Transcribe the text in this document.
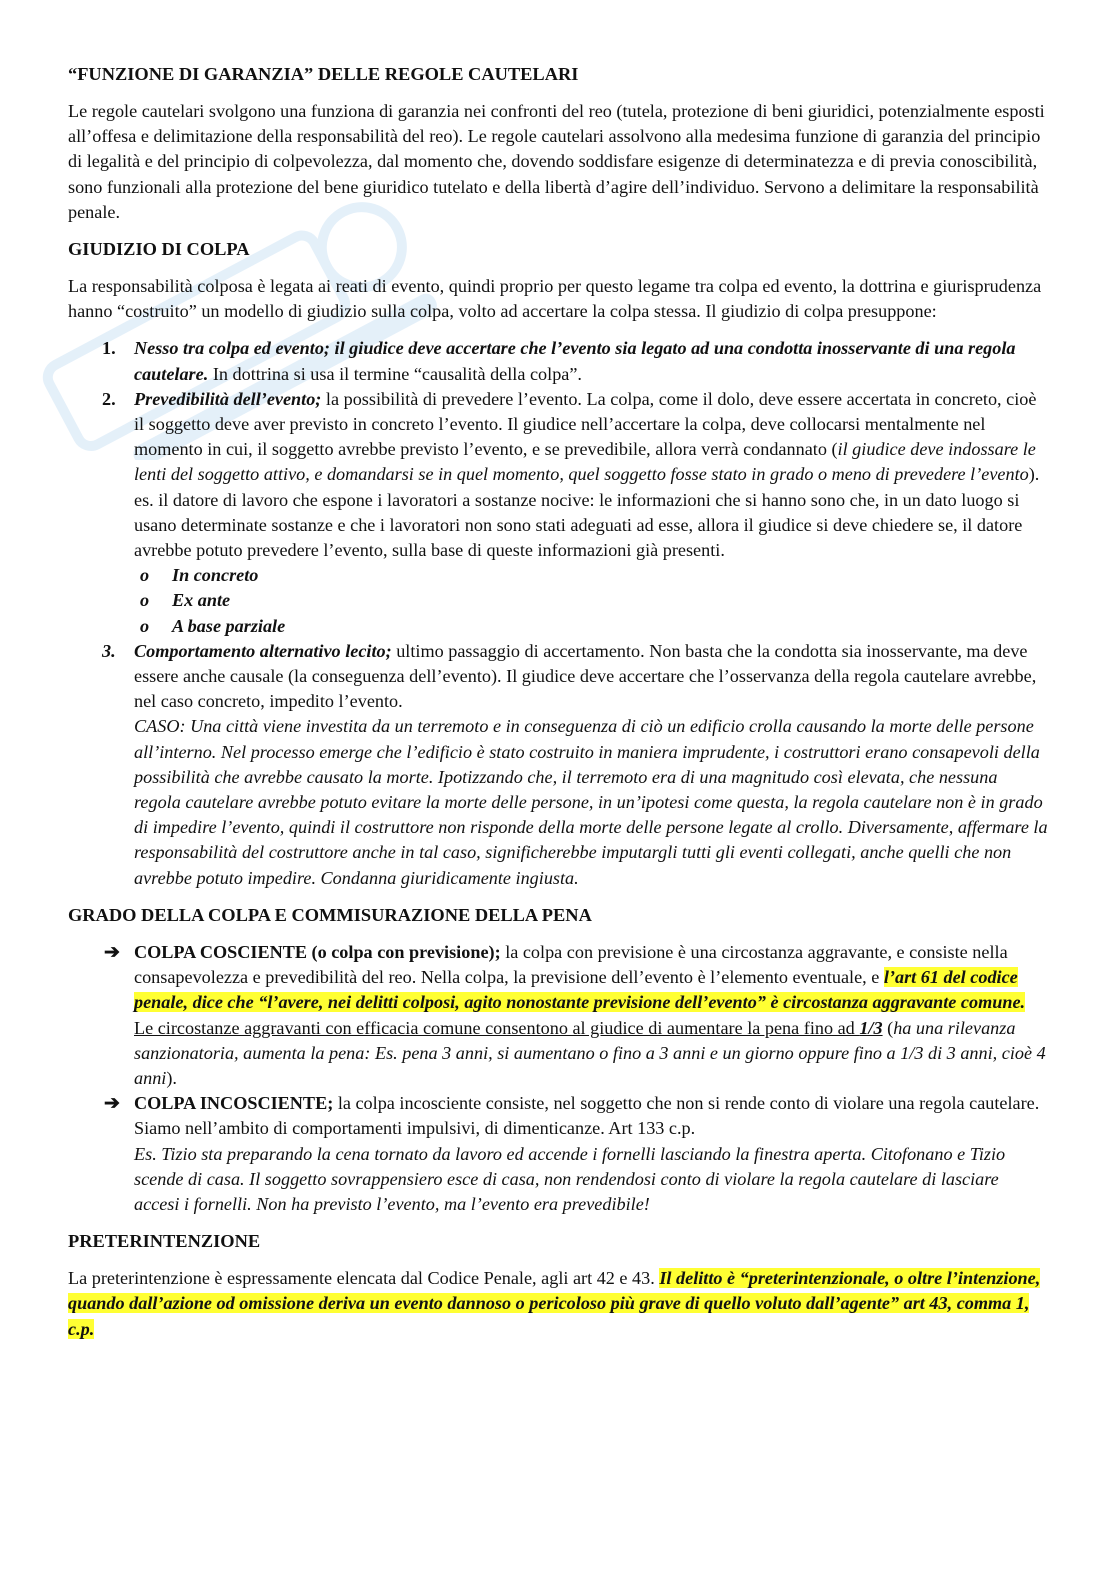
“FUNZIONE DI GARANZIA” DELLE REGOLE CAUTELARI

Le regole cautelari svolgono una funziona di garanzia nei confronti del reo (tutela, protezione di beni giuridici, potenzialmente esposti all’offesa e delimitazione della responsabilità del reo). Le regole cautelari assolvono alla medesima funzione di garanzia del principio di legalità e del principio di colpevolezza, dal momento che, dovendo soddisfare esigenze di determinatezza e di previa conoscibilità, sono funzionali alla protezione del bene giuridico tutelato e della libertà d’agire dell’individuo. Servono a delimitare la responsabilità penale.

GIUDIZIO DI COLPA

La responsabilità colposa è legata ai reati di evento, quindi proprio per questo legame tra colpa ed evento, la dottrina e giurisprudenza hanno “costruito” un modello di giudizio sulla colpa, volto ad accertare la colpa stessa. Il giudizio di colpa presuppone:

1. Nesso tra colpa ed evento; il giudice deve accertare che l’evento sia legato ad una condotta inosservante di una regola cautelare. In dottrina si usa il termine “causalità della colpa”.
2. Prevedibilità dell’evento; la possibilità di prevedere l’evento. La colpa, come il dolo, deve essere accertata in concreto, cioè il soggetto deve aver previsto in concreto l’evento. Il giudice nell’accertare la colpa, deve collocarsi mentalmente nel momento in cui, il soggetto avrebbe previsto l’evento, e se prevedibile, allora verrà condannato (il giudice deve indossare le lenti del soggetto attivo, e domandarsi se in quel momento, quel soggetto fosse stato in grado o meno di prevedere l’evento). es. il datore di lavoro che espone i lavoratori a sostanze nocive: le informazioni che si hanno sono che, in un dato luogo si usano determinate sostanze e che i lavoratori non sono stati adeguati ad esse, allora il giudice si deve chiedere se, il datore avrebbe potuto prevedere l’evento, sulla base di queste informazioni già presenti.
o In concreto
o Ex ante
o A base parziale
3. Comportamento alternativo lecito; ultimo passaggio di accertamento. Non basta che la condotta sia inosservante, ma deve essere anche causale (la conseguenza dell’evento). Il giudice deve accertare che l’osservanza della regola cautelare avrebbe, nel caso concreto, impedito l’evento.
CASO: Una città viene investita da un terremoto e in conseguenza di ciò un edificio crolla causando la morte delle persone all’interno. Nel processo emerge che l’edificio è stato costruito in maniera imprudente, i costruttori erano consapevoli della possibilità che avrebbe causato la morte. Ipotizzando che, il terremoto era di una magnitudo così elevata, che nessuna regola cautelare avrebbe potuto evitare la morte delle persone, in un’ipotesi come questa, la regola cautelare non è in grado di impedire l’evento, quindi il costruttore non risponde della morte delle persone legate al crollo. Diversamente, affermare la responsabilità del costruttore anche in tal caso, significherebbe imputargli tutti gli eventi collegati, anche quelli che non avrebbe potuto impedire. Condanna giuridicamente ingiusta.
GRADO DELLA COLPA E COMMISURAZIONE DELLA PENA
➔ COLPA COSCIENTE (o colpa con previsione); la colpa con previsione è una circostanza aggravante, e consiste nella consapevolezza e prevedibilità del reo. Nella colpa, la previsione dell’evento è l’elemento eventuale, e l’art 61 del codice penale, dice che “l’avere, nei delitti colposi, agito nonostante previsione dell’evento” è circostanza aggravante comune. Le circostanze aggravanti con efficacia comune consentono al giudice di aumentare la pena fino ad 1/3 (ha una rilevanza sanzionatoria, aumenta la pena: Es. pena 3 anni, si aumentano o fino a 3 anni e un giorno oppure fino a 1/3 di 3 anni, cioè 4 anni).
➔ COLPA INCOSCIENTE; la colpa incosciente consiste, nel soggetto che non si rende conto di violare una regola cautelare. Siamo nell’ambito di comportamenti impulsivi, di dimenticanze. Art 133 c.p.
Es. Tizio sta preparando la cena tornato da lavoro ed accende i fornelli lasciando la finestra aperta. Citofonano e Tizio scende di casa. Il soggetto sovrappensiero esce di casa, non rendendosi conto di violare la regola cautelare di lasciare accesi i fornelli. Non ha previsto l’evento, ma l’evento era prevedibile!
PRETERINTENZIONE

La preterintenzione è espressamente elencata dal Codice Penale, agli art 42 e 43. Il delitto è “preterintenzionale, o oltre l’intenzione, quando dall’azione od omissione deriva un evento dannoso o pericoloso più grave di quello voluto dall’agente” art 43, comma 1, c.p.
